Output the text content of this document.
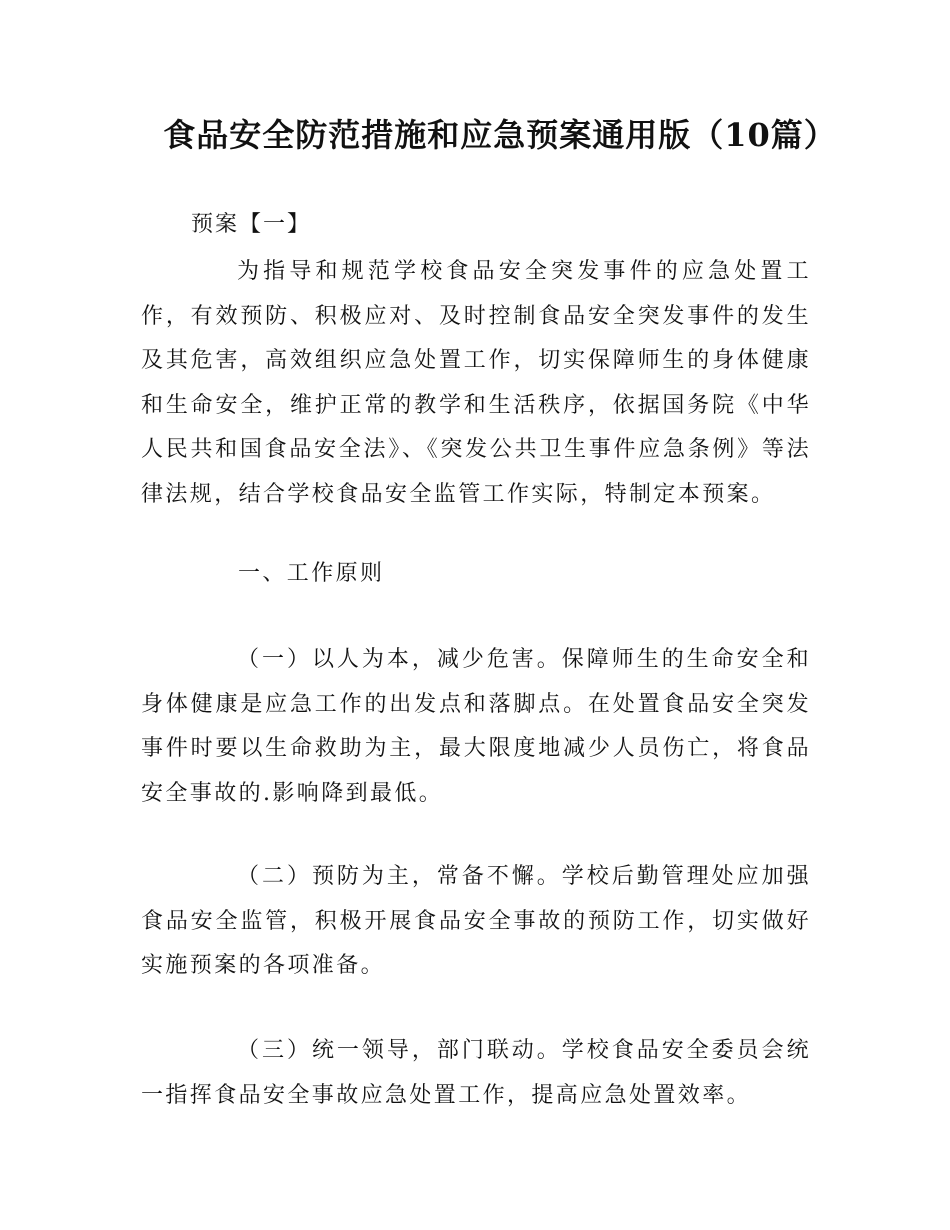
食品安全防范措施和应急预案通用版（10篇）

预案【一】

为指导和规范学校食品安全突发事件的应急处置工作，有效预防、积极应对、及时控制食品安全突发事件的发生及其危害，高效组织应急处置工作，切实保障师生的身体健康和生命安全，维护正常的教学和生活秩序，依据国务院《中华人民共和国食品安全法》、《突发公共卫生事件应急条例》等法律法规，结合学校食品安全监管工作实际，特制定本预案。

一、工作原则

（一）以人为本，减少危害。保障师生的生命安全和身体健康是应急工作的出发点和落脚点。在处置食品安全突发事件时要以生命救助为主，最大限度地减少人员伤亡，将食品安全事故的.影响降到最低。

（二）预防为主，常备不懈。学校后勤管理处应加强食品安全监管，积极开展食品安全事故的预防工作，切实做好实施预案的各项准备。

（三）统一领导，部门联动。学校食品安全委员会统一指挥食品安全事故应急处置工作，提高应急处置效率。
